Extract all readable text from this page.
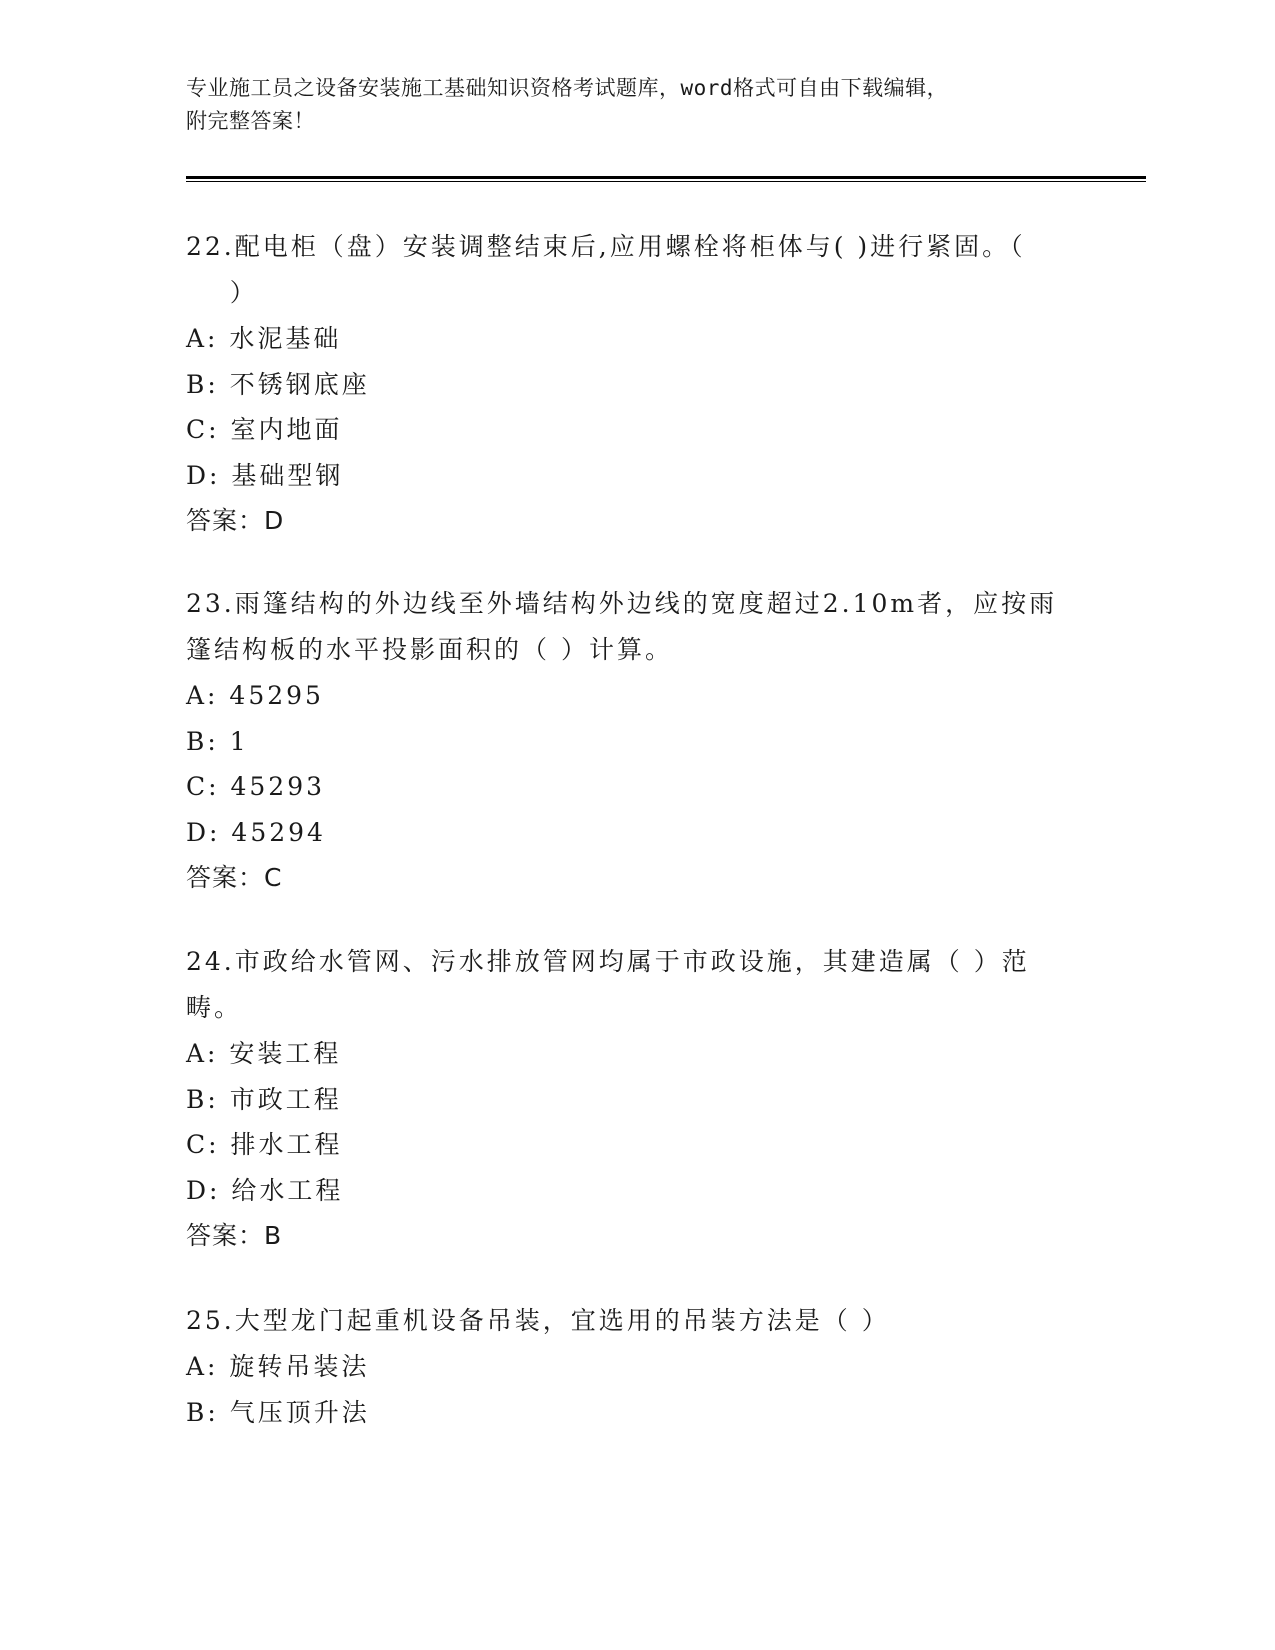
专业施工员之设备安装施工基础知识资格考试题库，word格式可自由下载编辑，
附完整答案！
22.配电柜（盘）安装调整结束后,应用螺栓将柜体与( )进行紧固。（
）
A: 水泥基础
B: 不锈钢底座
C: 室内地面
D: 基础型钢
答案：D
23.雨篷结构的外边线至外墙结构外边线的宽度超过2.10m者，应按雨篷结构板的水平投影面积的（ ）计算。
A: 45295
B: 1
C: 45293
D: 45294
答案：C
24.市政给水管网、污水排放管网均属于市政设施，其建造属（ ）范畴。
A: 安装工程
B: 市政工程
C: 排水工程
D: 给水工程
答案：B
25.大型龙门起重机设备吊装，宜选用的吊装方法是（ ）
A: 旋转吊装法
B: 气压顶升法
